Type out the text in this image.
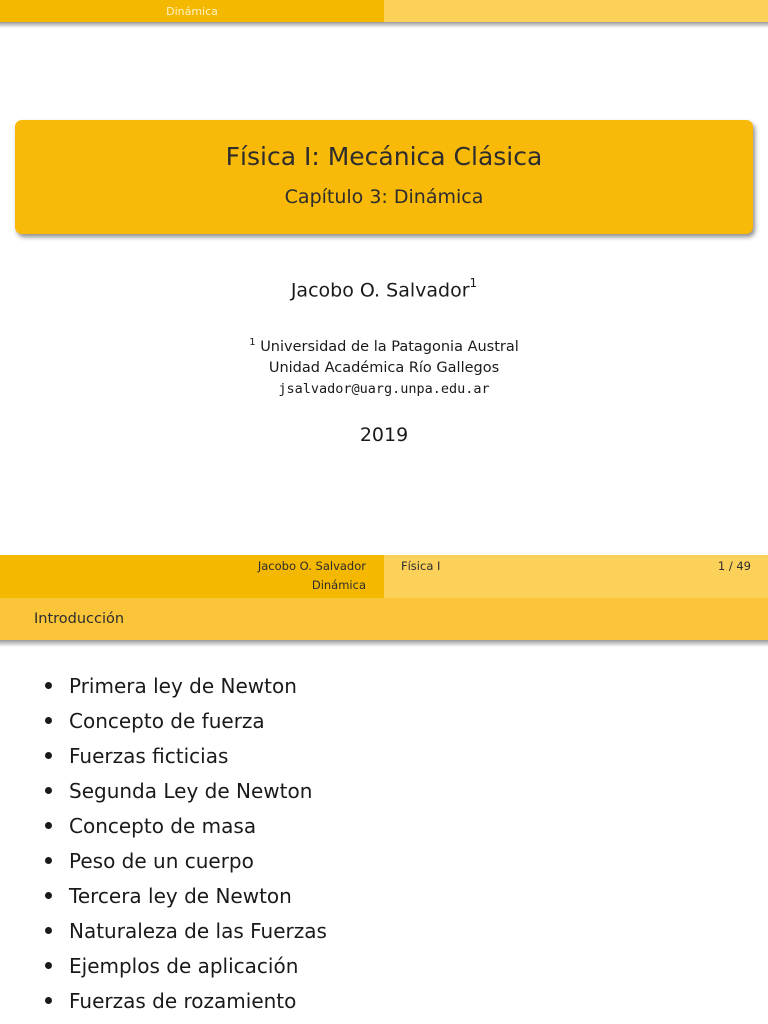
Dinámica
Física I: Mecánica Clásica
Capítulo 3: Dinámica
Jacobo O. Salvador$^1$
$^1$ Universidad de la Patagonia Austral
Unidad Académica Río Gallegos
jsalvador@uarg.unpa.edu.ar
2019
Jacobo O. Salvador
Dinámica
Física I	1 / 49
Introducción
Primera ley de Newton
Concepto de fuerza
Fuerzas ficticias
Segunda Ley de Newton
Concepto de masa
Peso de un cuerpo
Tercera ley de Newton
Naturaleza de las Fuerzas
Ejemplos de aplicación
Fuerzas de rozamiento
